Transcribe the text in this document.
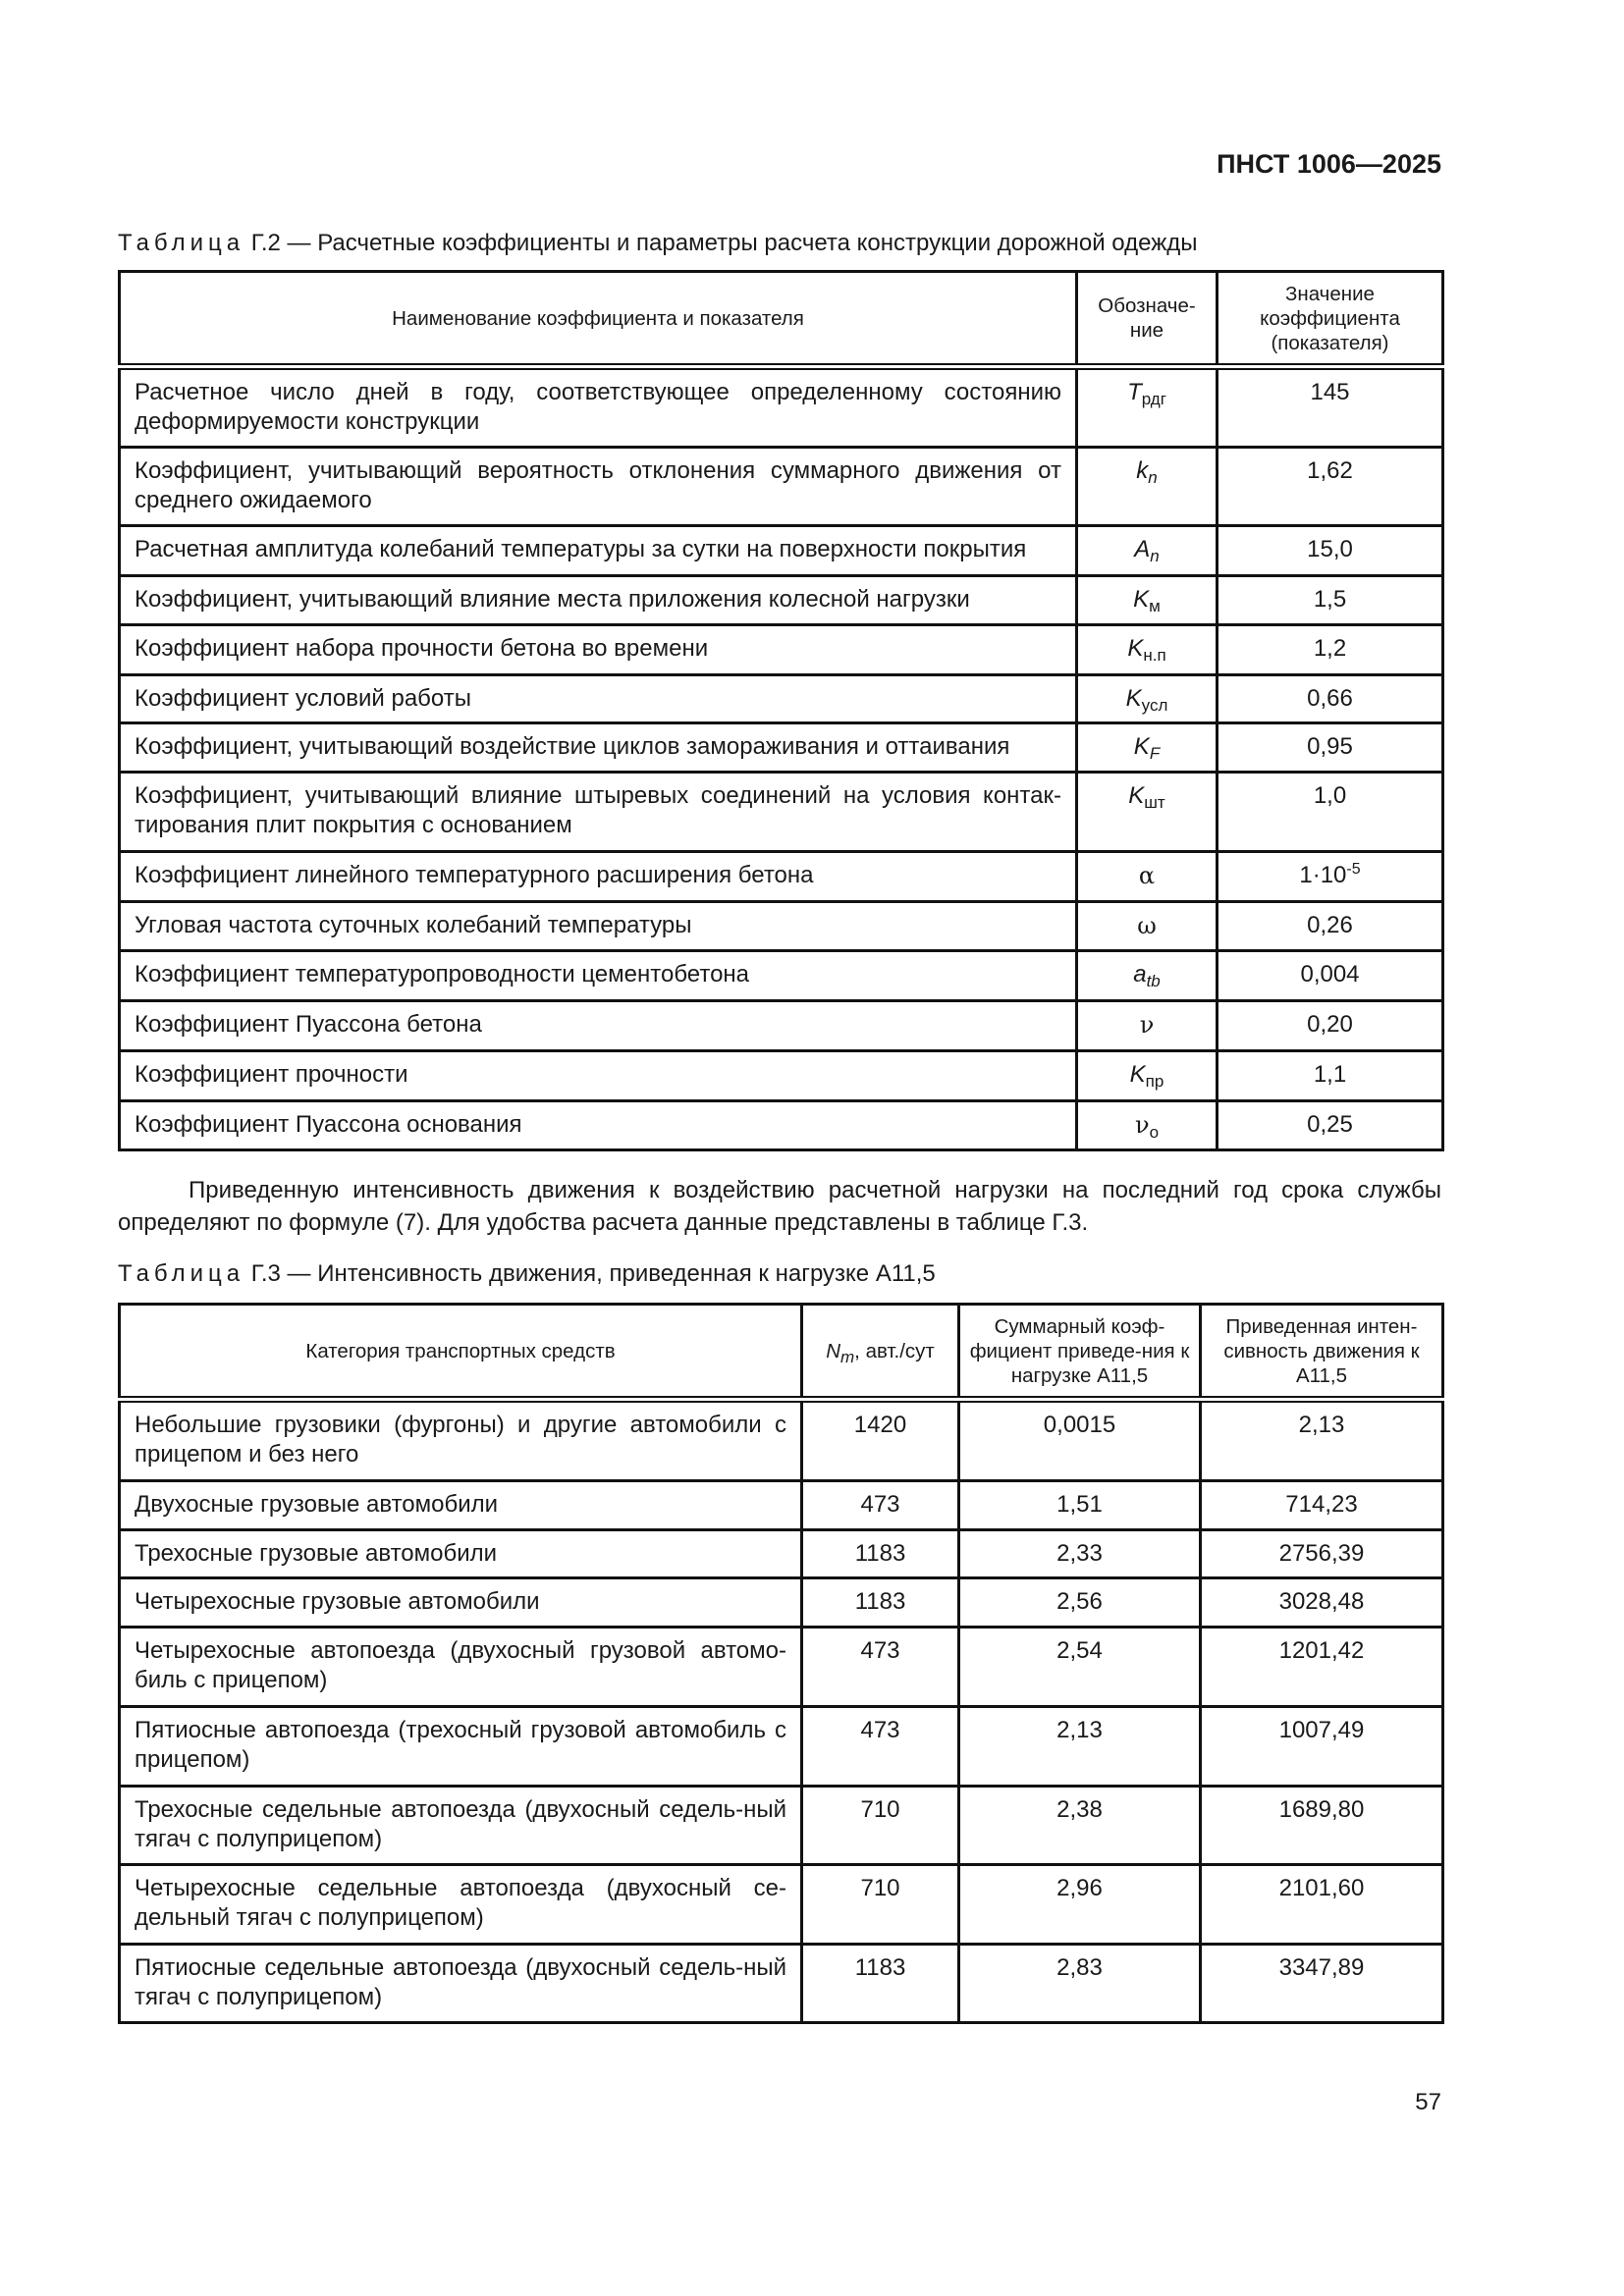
ПНСТ 1006—2025
Таблица Г.2 — Расчетные коэффициенты и параметры расчета конструкции дорожной одежды
Наименование коэффициента и показателя	Обозначе-ние	Значение коэффициента (показателя)
Расчетное число дней в году, соответствующее определенному состоянию деформируемости конструкции	$T_{рдг}$	145
Коэффициент, учитывающий вероятность отклонения суммарного движения от среднего ожидаемого	$k_n$	1,62
Расчетная амплитуда колебаний температуры за сутки на поверхности покрытия	$A_n$	15,0
Коэффициент, учитывающий влияние места приложения колесной нагрузки	$K_м$	1,5
Коэффициент набора прочности бетона во времени	$K_{н.п}$	1,2
Коэффициент условий работы	$K_{усл}$	0,66
Коэффициент, учитывающий воздействие циклов замораживания и оттаивания	$K_F$	0,95
Коэффициент, учитывающий влияние штыревых соединений на условия контак-тирования плит покрытия с основанием	$K_{шт}$	1,0
Коэффициент линейного температурного расширения бетона	α	$1\cdot 10^{-5}$
Угловая частота суточных колебаний температуры	ω	0,26
Коэффициент температуропроводности цементобетона	$a_{tb}$	0,004
Коэффициент Пуассона бетона	ν	0,20
Коэффициент прочности	$K_{пр}$	1,1
Коэффициент Пуассона основания	$\nu_о$	0,25
Приведенную интенсивность движения к воздействию расчетной нагрузки на последний год срока службы определяют по формуле (7). Для удобства расчета данные представлены в таблице Г.3.
Таблица Г.3 — Интенсивность движения, приведенная к нагрузке А11,5
Категория транспортных средств	$N_m$, авт./сут	Суммарный коэф-фициент приведе-ния к нагрузке А11,5	Приведенная интен-сивность движения к А11,5
Небольшие грузовики (фургоны) и другие автомобили с прицепом и без него	1420	0,0015	2,13
Двухосные грузовые автомобили	473	1,51	714,23
Трехосные грузовые автомобили	1183	2,33	2756,39
Четырехосные грузовые автомобили	1183	2,56	3028,48
Четырехосные автопоезда (двухосный грузовой автомо-биль с прицепом)	473	2,54	1201,42
Пятиосные автопоезда (трехосный грузовой автомобиль с прицепом)	473	2,13	1007,49
Трехосные седельные автопоезда (двухосный седель-ный тягач с полуприцепом)	710	2,38	1689,80
Четырехосные седельные автопоезда (двухосный се-дельный тягач с полуприцепом)	710	2,96	2101,60
Пятиосные седельные автопоезда (двухосный седель-ный тягач с полуприцепом)	1183	2,83	3347,89
57
